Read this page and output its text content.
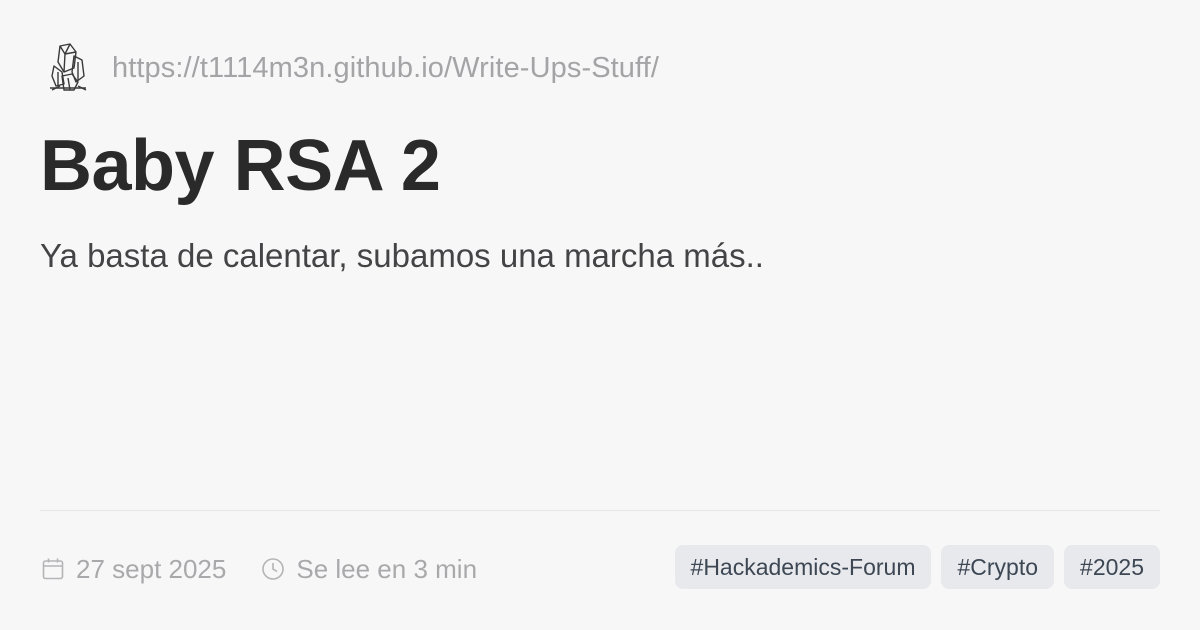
https://t1114m3n.github.io/Write-Ups-Stuff/
Baby RSA 2

Ya basta de calentar, subamos una marcha más..

27 sept 2025	Se lee en 3 min	#Hackademics-Forum	#Crypto	#2025
